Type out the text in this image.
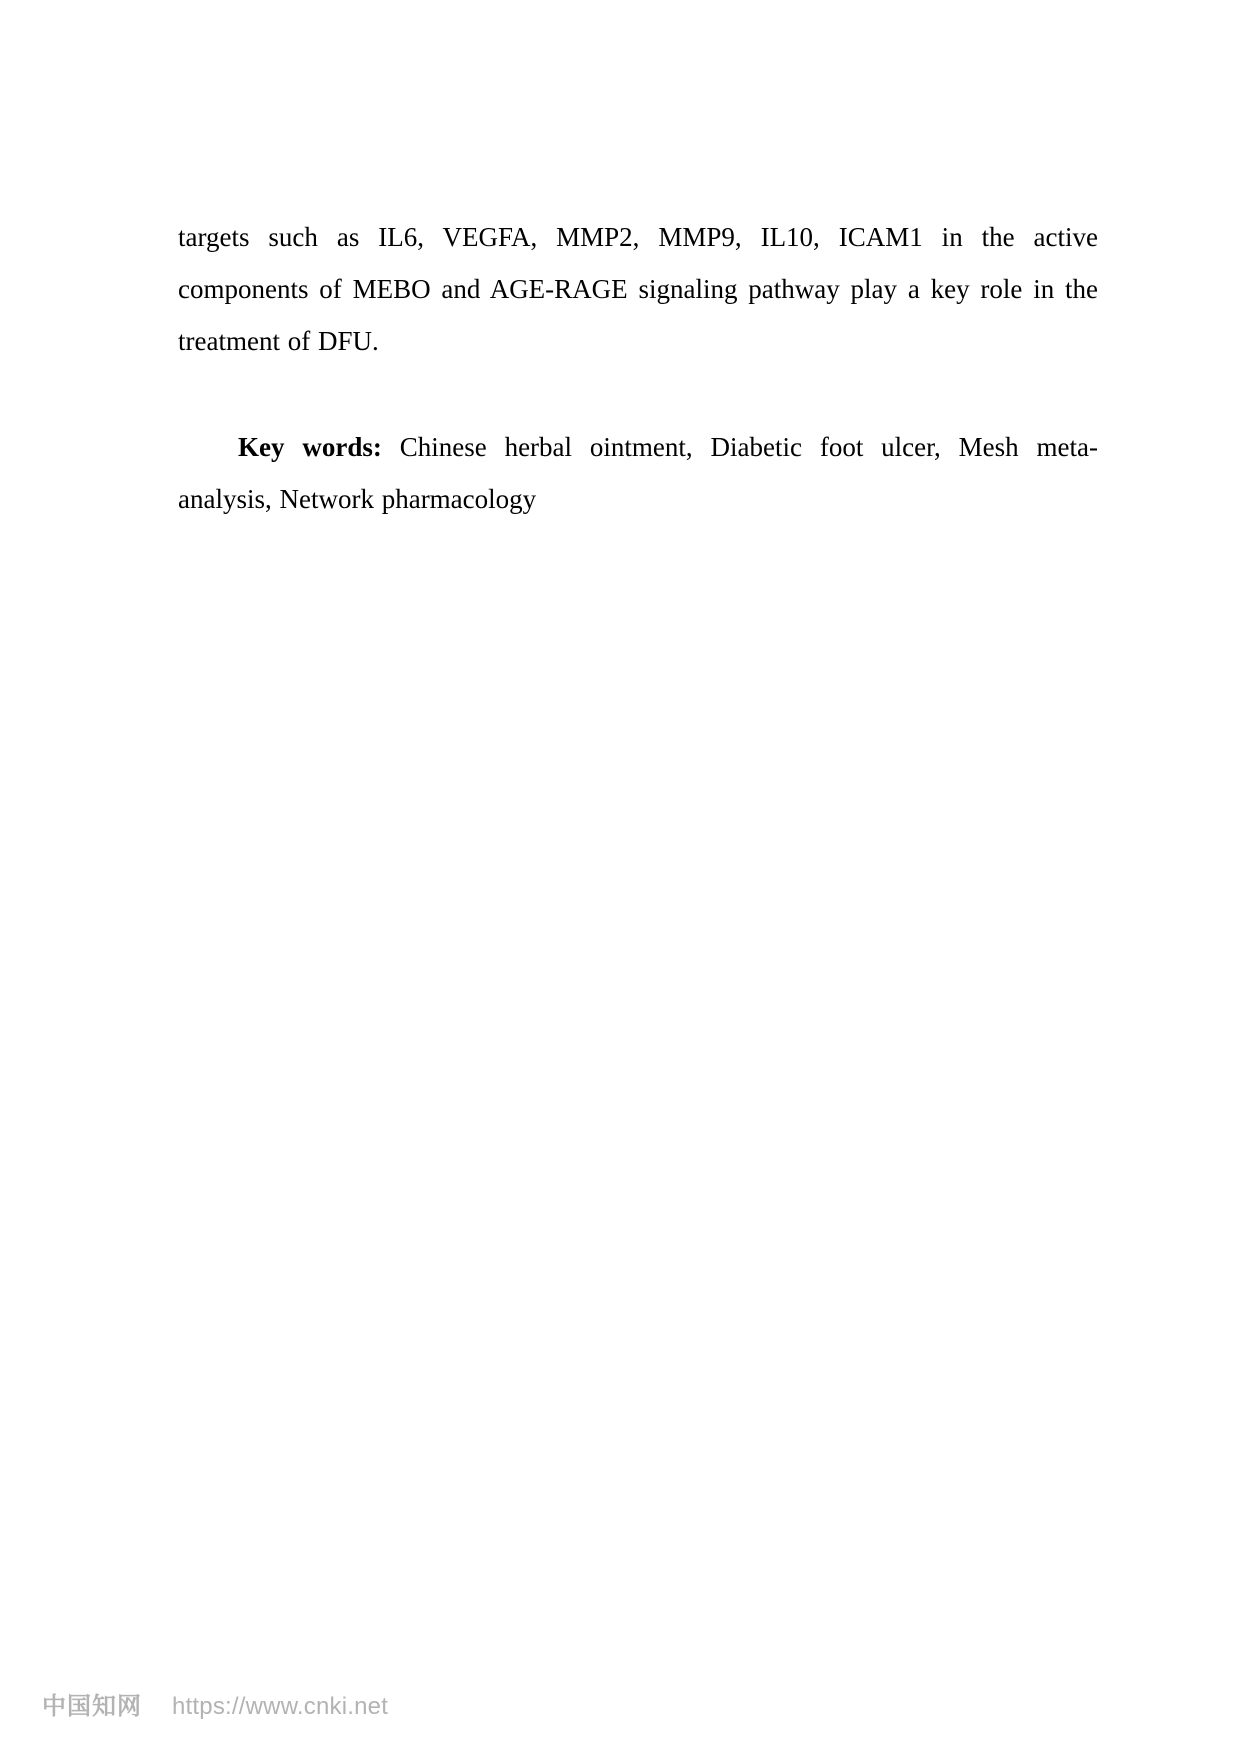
targets such as IL6, VEGFA, MMP2, MMP9, IL10, ICAM1 in the active components of MEBO and AGE-RAGE signaling pathway play a key role in the treatment of DFU.

Key words: Chinese herbal ointment, Diabetic foot ulcer, Mesh meta-analysis, Network pharmacology

中国知网 https://www.cnki.net
